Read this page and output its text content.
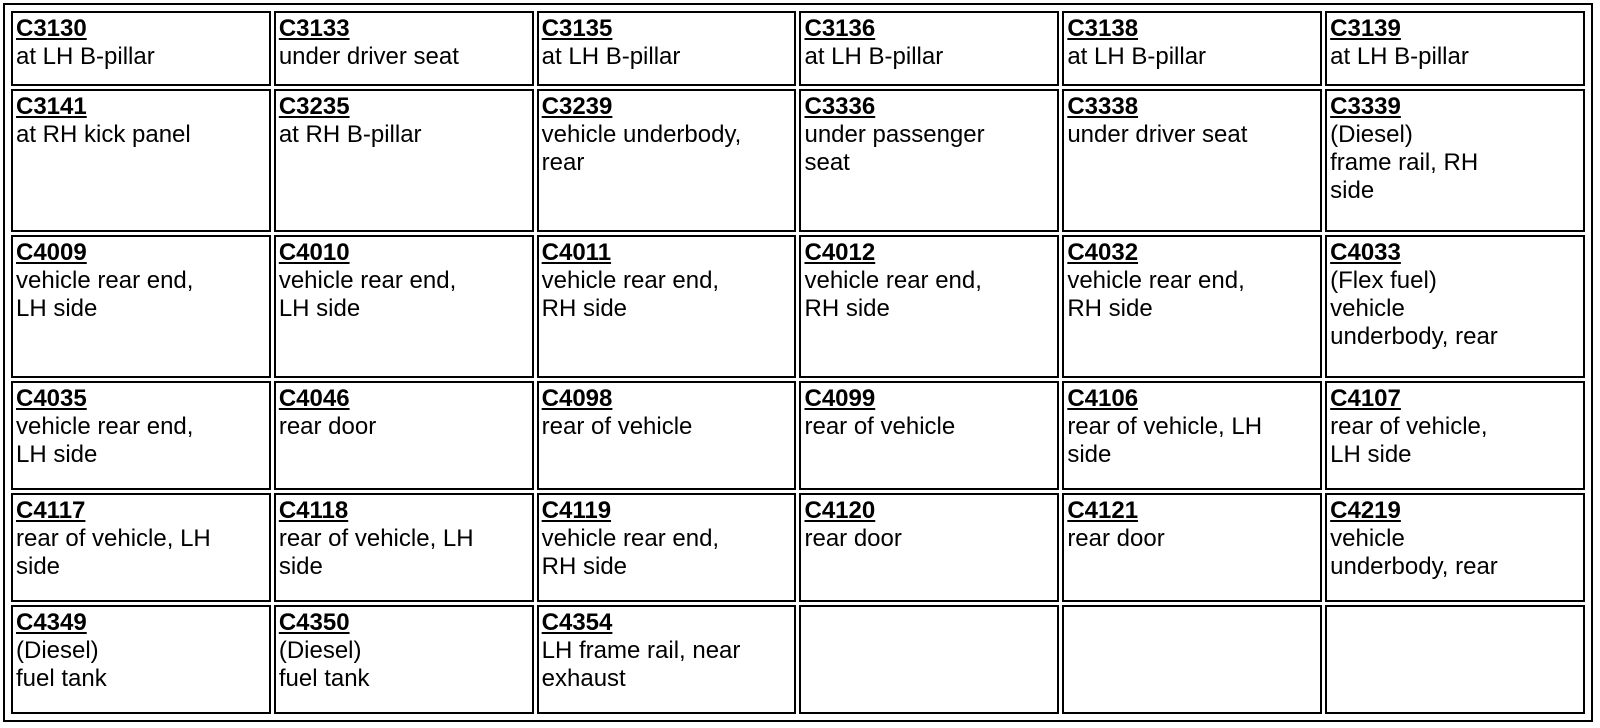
C3130
at LH B-pillar	C3133
under driver seat	C3135
at LH B-pillar	C3136
at LH B-pillar	C3138
at LH B-pillar	C3139
at LH B-pillar

C3141
at RH kick panel	C3235
at RH B-pillar	C3239
vehicle underbody,
rear	C3336
under passenger
seat	C3338
under driver seat	C3339
(Diesel)
frame rail, RH
side

C4009
vehicle rear end,
LH side	C4010
vehicle rear end,
LH side	C4011
vehicle rear end,
RH side	C4012
vehicle rear end,
RH side	C4032
vehicle rear end,
RH side	C4033
(Flex fuel)
vehicle
underbody, rear

C4035
vehicle rear end,
LH side	C4046
rear door	C4098
rear of vehicle	C4099
rear of vehicle	C4106
rear of vehicle, LH
side	C4107
rear of vehicle,
LH side

C4117
rear of vehicle, LH
side	C4118
rear of vehicle, LH
side	C4119
vehicle rear end,
RH side	C4120
rear door	C4121
rear door	C4219
vehicle
underbody, rear

C4349
(Diesel)
fuel tank	C4350
(Diesel)
fuel tank	C4354
LH frame rail, near
exhaust			
